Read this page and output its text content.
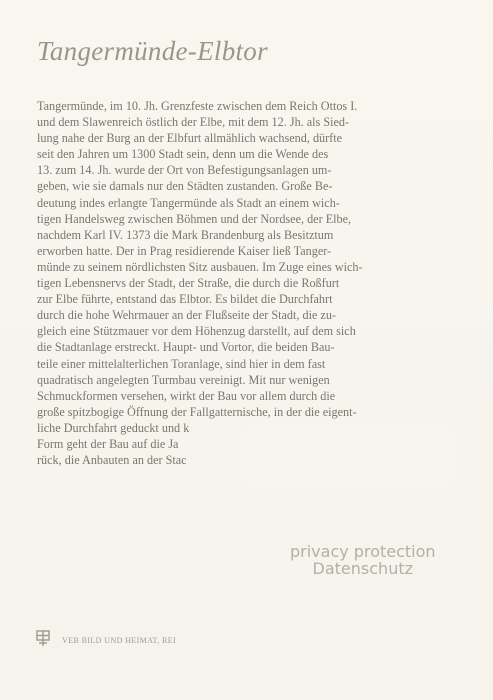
Tangermünde-Elbtor
Tangermünde, im 10. Jh. Grenzfeste zwischen dem Reich Ottos I.
und dem Slawenreich östlich der Elbe, mit dem 12. Jh. als Sied-
lung nahe der Burg an der Elbfurt allmählich wachsend, dürfte
seit den Jahren um 1300 Stadt sein, denn um die Wende des
13. zum 14. Jh. wurde der Ort von Befestigungsanlagen um-
geben, wie sie damals nur den Städten zustanden. Große Be-
deutung indes erlangte Tangermünde als Stadt an einem wich-
tigen Handelsweg zwischen Böhmen und der Nordsee, der Elbe,
nachdem Karl IV. 1373 die Mark Brandenburg als Besitztum
erworben hatte. Der in Prag residierende Kaiser ließ Tanger-
münde zu seinem nördlichsten Sitz ausbauen. Im Zuge eines wich-
tigen Lebensnervs der Stadt, der Straße, die durch die Roßfurt
zur Elbe führte, entstand das Elbtor. Es bildet die Durchfahrt
durch die hohe Wehrmauer an der Flußseite der Stadt, die zu-
gleich eine Stützmauer vor dem Höhenzug darstellt, auf dem sich
die Stadtanlage erstreckt. Haupt- und Vortor, die beiden Bau-
teile einer mittelalterlichen Toranlage, sind hier in dem fast
quadratisch angelegten Turmbau vereinigt. Mit nur wenigen
Schmuckformen versehen, wirkt der Bau vor allem durch die
große spitzbogige Öffnung der Fallgatternische, in der die eigent-
liche Durchfahrt geduckt und k
Form geht der Bau auf die Ja
rück, die Anbauten an der Stac
privacy protection
Datenschutz
VEB BILD UND HEIMAT, REI
